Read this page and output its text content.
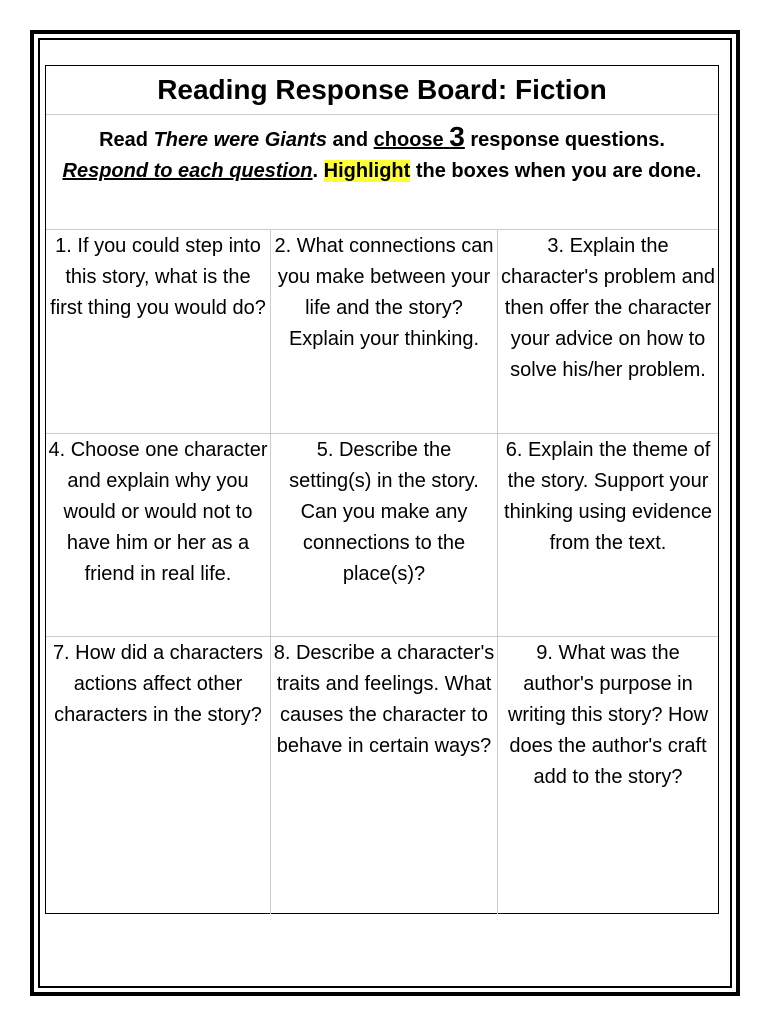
Reading Response Board: Fiction
Read There were Giants and choose 3 response questions.
Respond to each question. Highlight the boxes when you are done.
1. If you could step into this story, what is the first thing you would do?
2. What connections can you make between your life and the story? Explain your thinking.
3. Explain the character's problem and then offer the character your advice on how to solve his/her problem.
4. Choose one character and explain why you would or would not to have him or her as a friend in real life.
5. Describe the setting(s) in the story. Can you make any connections to the place(s)?
6. Explain the theme of the story. Support your thinking using evidence from the text.
7. How did a characters actions affect other characters in the story?
8. Describe a character's traits and feelings. What causes the character to behave in certain ways?
9. What was the author's purpose in writing this story? How does the author's craft add to the story?
